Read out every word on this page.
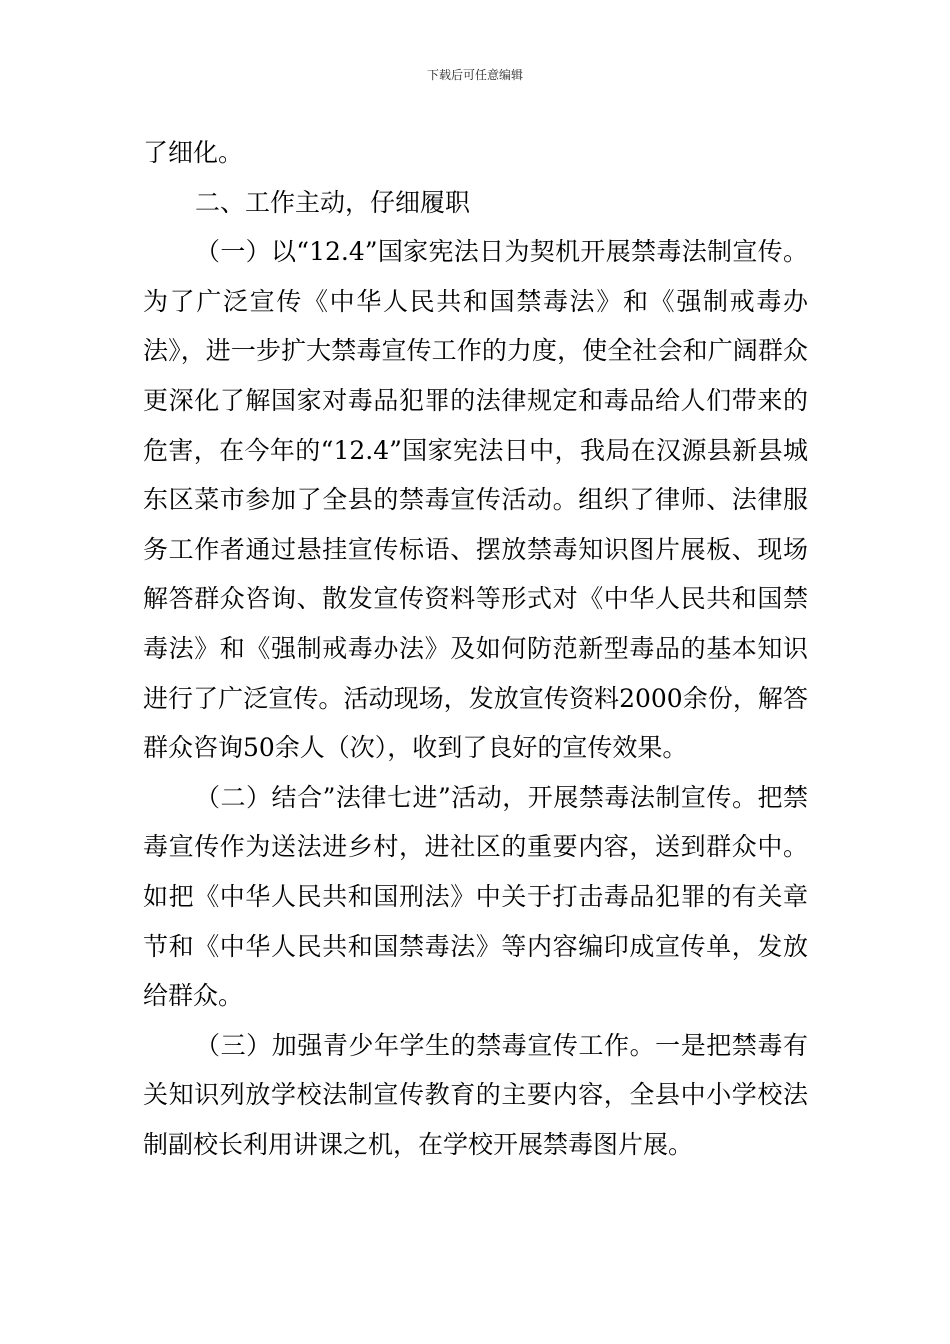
下载后可任意编辑

了细化。

二、工作主动，仔细履职

（一）以“12.4”国家宪法日为契机开展禁毒法制宣传。为了广泛宣传《中华人民共和国禁毒法》和《强制戒毒办法》，进一步扩大禁毒宣传工作的力度，使全社会和广阔群众更深化了解国家对毒品犯罪的法律规定和毒品给人们带来的危害，在今年的“12.4”国家宪法日中，我局在汉源县新县城东区菜市参加了全县的禁毒宣传活动。组织了律师、法律服务工作者通过悬挂宣传标语、摆放禁毒知识图片展板、现场解答群众咨询、散发宣传资料等形式对《中华人民共和国禁毒法》和《强制戒毒办法》及如何防范新型毒品的基本知识进行了广泛宣传。活动现场，发放宣传资料2000余份，解答群众咨询50余人（次），收到了良好的宣传效果。

（二）结合”法律七进”活动，开展禁毒法制宣传。把禁毒宣传作为送法进乡村，进社区的重要内容，送到群众中。如把《中华人民共和国刑法》中关于打击毒品犯罪的有关章节和《中华人民共和国禁毒法》等内容编印成宣传单，发放给群众。

（三）加强青少年学生的禁毒宣传工作。一是把禁毒有关知识列放学校法制宣传教育的主要内容，全县中小学校法制副校长利用讲课之机，在学校开展禁毒图片展。
